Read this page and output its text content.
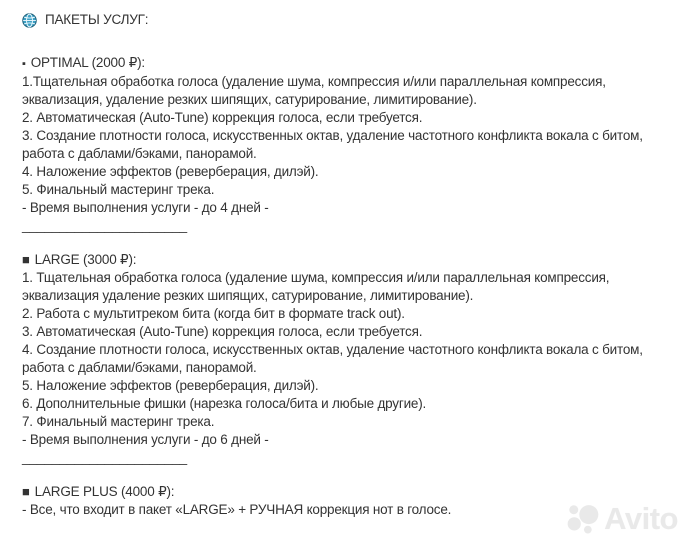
ПАКЕТЫ УСЛУГ:

▪ OPTIMAL (2000 ₽):

1.Тщательная обработка голоса (удаление шума, компрессия и/или параллельная компрессия, эквализация, удаление резких шипящих, сатурирование, лимитирование).

2. Автоматическая (Auto-Tune) коррекция голоса, если требуется.

3. Создание плотности голоса, искусственных октав, удаление частотного конфликта вокала с битом, работа с даблами/бэками, панорамой.

4. Наложение эффектов (реверберация, дилэй).

5. Финальный мастеринг трека.

- Время выполнения услуги - до 4 дней -

______________________

■ LARGE (3000 ₽):

1. Тщательная обработка голоса (удаление шума, компрессия и/или параллельная компрессия, эквализация удаление резких шипящих, сатурирование, лимитирование).

2. Работа с мультитреком бита (когда бит в формате track out).

3. Автоматическая (Auto-Tune) коррекция голоса, если требуется.

4. Создание плотности голоса, искусственных октав, удаление частотного конфликта вокала с битом, работа с даблами/бэками, панорамой.

5. Наложение эффектов (реверберация, дилэй).

6. Дополнительные фишки (нарезка голоса/бита и любые другие).

7. Финальный мастеринг трека.

- Время выполнения услуги - до 6 дней -

______________________

■ LARGE PLUS (4000 ₽):

- Все, что входит в пакет «LARGE» + РУЧНАЯ коррекция нот в голосе.	Avito
